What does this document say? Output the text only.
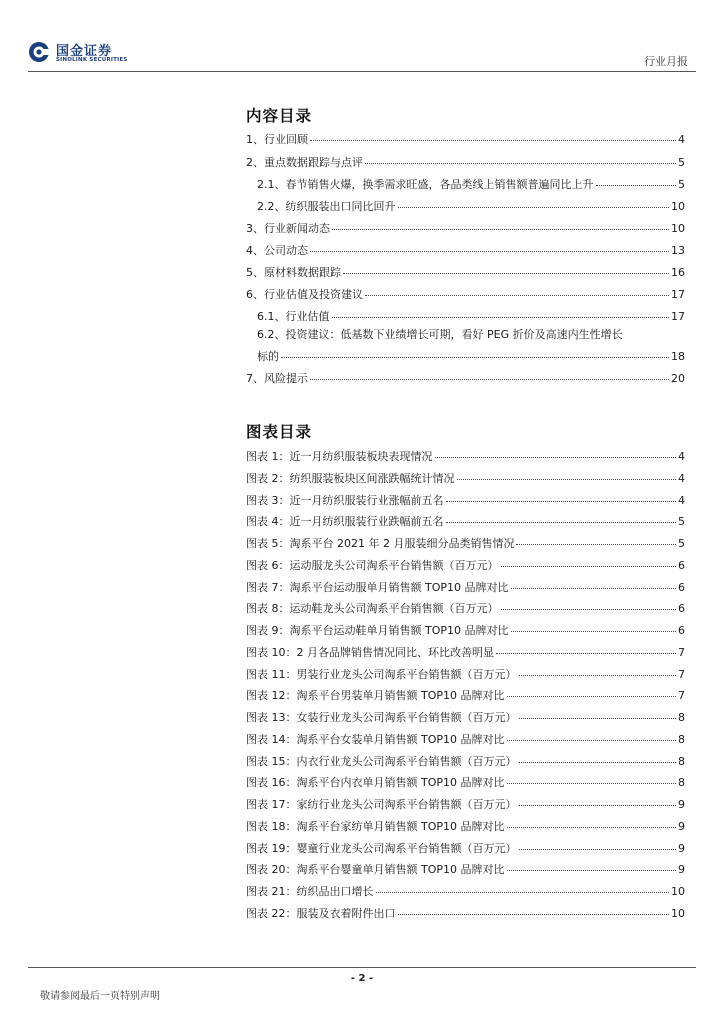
国金证券
SINOLINK SECURITIES	行业月报
内容目录
1、行业回顾	4
2、重点数据跟踪与点评	5
2.1、春节销售火爆，换季需求旺盛，各品类线上销售额普遍同比上升	5
2.2、纺织服装出口同比回升	10
3、行业新闻动态	10
4、公司动态	13
5、原材料数据跟踪	16
6、行业估值及投资建议	17
6.1、行业估值	17
6.2、投资建议：低基数下业绩增长可期，看好 PEG 折价及高速内生性增长
标的	18
7、风险提示	20
图表目录
图表 1：近一月纺织服装板块表现情况	4
图表 2：纺织服装板块区间涨跌幅统计情况	4
图表 3：近一月纺织服装行业涨幅前五名	4
图表 4：近一月纺织服装行业跌幅前五名	5
图表 5：淘系平台 2021 年 2 月服装细分品类销售情况	5
图表 6：运动服龙头公司淘系平台销售额（百万元）	6
图表 7：淘系平台运动服单月销售额 TOP10 品牌对比	6
图表 8：运动鞋龙头公司淘系平台销售额（百万元）	6
图表 9：淘系平台运动鞋单月销售额 TOP10 品牌对比	6
图表 10：2 月各品牌销售情况同比、环比改善明显	7
图表 11：男装行业龙头公司淘系平台销售额（百万元）	7
图表 12：淘系平台男装单月销售额 TOP10 品牌对比	7
图表 13：女装行业龙头公司淘系平台销售额（百万元）	8
图表 14：淘系平台女装单月销售额 TOP10 品牌对比	8
图表 15：内衣行业龙头公司淘系平台销售额（百万元）	8
图表 16：淘系平台内衣单月销售额 TOP10 品牌对比	8
图表 17：家纺行业龙头公司淘系平台销售额（百万元）	9
图表 18：淘系平台家纺单月销售额 TOP10 品牌对比	9
图表 19：婴童行业龙头公司淘系平台销售额（百万元）	9
图表 20：淘系平台婴童单月销售额 TOP10 品牌对比	9
图表 21：纺织品出口增长	10
图表 22：服装及衣着附件出口	10
- 2 -
敬请参阅最后一页特别声明
